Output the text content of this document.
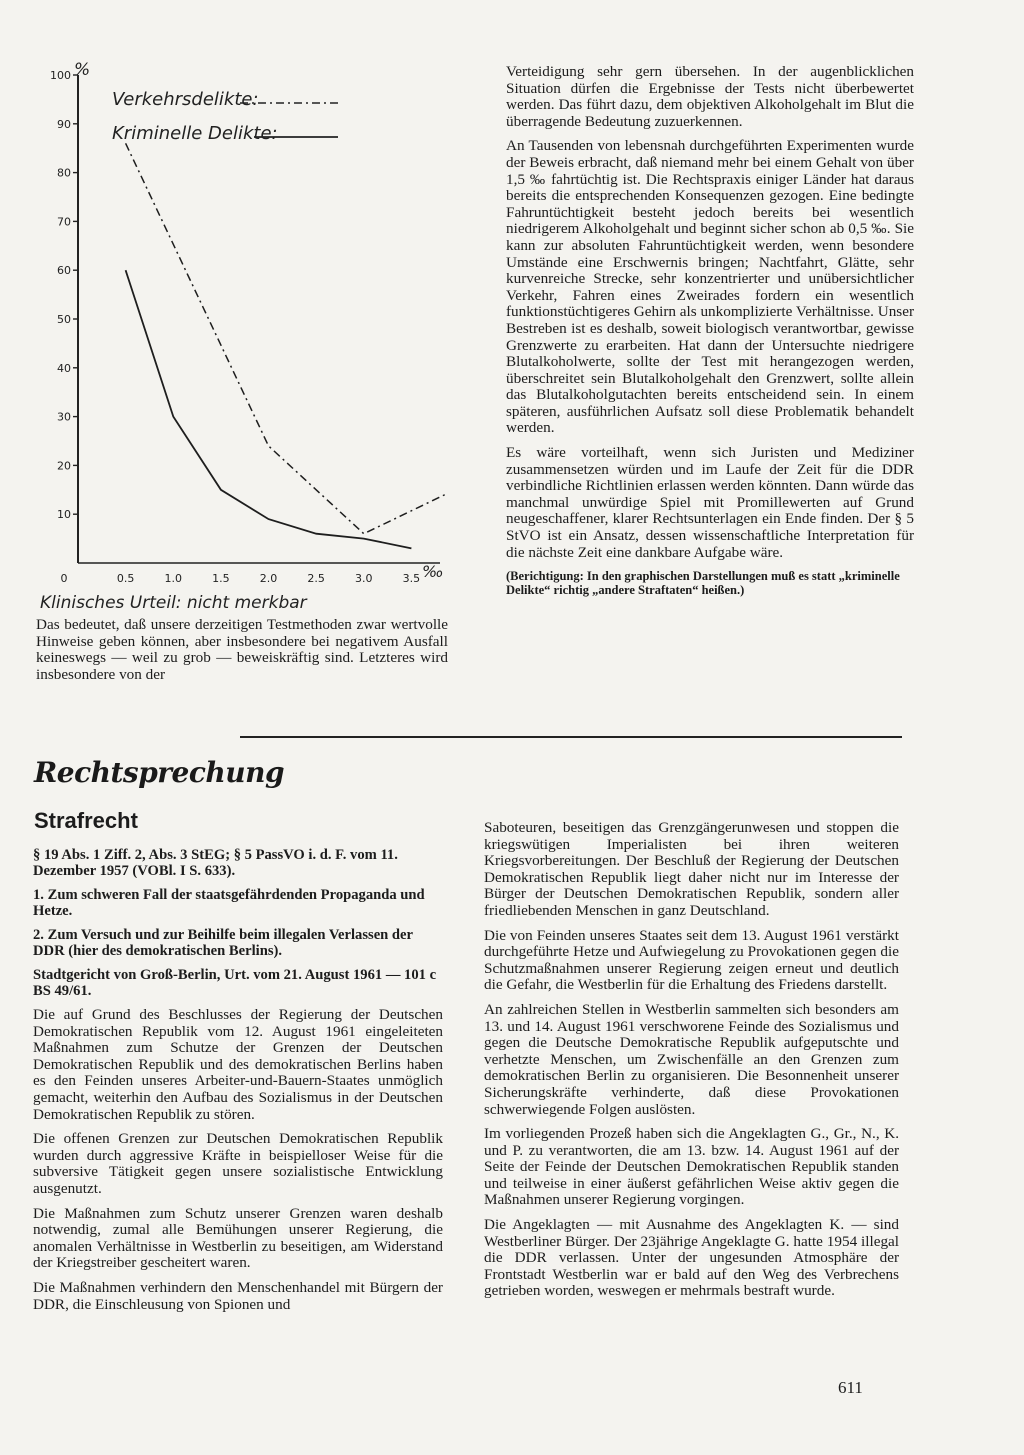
100
90
80
70
60
50
40
30
20
10
0	0.5	1.0	1.5	2.0	2.5	3.0	3.5
%
‰
Verkehrsdelikte:
Kriminelle Delikte:
Klinisches Urteil: nicht merkbar

Das bedeutet, daß unsere derzeitigen Testmethoden zwar wertvolle Hinweise geben können, aber insbesondere bei negativem Ausfall keineswegs — weil zu grob — beweiskräftig sind. Letzteres wird insbesondere von der

Verteidigung sehr gern übersehen. In der augenblicklichen Situation dürfen die Ergebnisse der Tests nicht überbewertet werden. Das führt dazu, dem objektiven Alkoholgehalt im Blut die überragende Bedeutung zuzuerkennen.

An Tausenden von lebensnah durchgeführten Experimenten wurde der Beweis erbracht, daß niemand mehr bei einem Gehalt von über 1,5 ‰ fahrtüchtig ist. Die Rechtspraxis einiger Länder hat daraus bereits die entsprechenden Konsequenzen gezogen. Eine bedingte Fahruntüchtigkeit besteht jedoch bereits bei wesentlich niedrigerem Alkoholgehalt und beginnt sicher schon ab 0,5 ‰. Sie kann zur absoluten Fahruntüchtigkeit werden, wenn besondere Umstände eine Erschwernis bringen; Nachtfahrt, Glätte, sehr kurvenreiche Strecke, sehr konzentrierter und unübersichtlicher Verkehr, Fahren eines Zweirades fordern ein wesentlich funktionstüchtigeres Gehirn als unkomplizierte Verhältnisse. Unser Bestreben ist es deshalb, soweit biologisch verantwortbar, gewisse Grenzwerte zu erarbeiten. Hat dann der Untersuchte niedrigere Blutalkoholwerte, sollte der Test mit herangezogen werden, überschreitet sein Blutalkoholgehalt den Grenzwert, sollte allein das Blutalkoholgutachten bereits entscheidend sein. In einem späteren, ausführlichen Aufsatz soll diese Problematik behandelt werden.

Es wäre vorteilhaft, wenn sich Juristen und Mediziner zusammensetzen würden und im Laufe der Zeit für die DDR verbindliche Richtlinien erlassen werden könnten. Dann würde das manchmal unwürdige Spiel mit Promillewerten auf Grund neugeschaffener, klarer Rechtsunterlagen ein Ende finden. Der § 5 StVO ist ein Ansatz, dessen wissenschaftliche Interpretation für die nächste Zeit eine dankbare Aufgabe wäre.

(Berichtigung: In den graphischen Darstellungen muß es statt „kriminelle Delikte“ richtig „andere Straftaten“ heißen.)

Rechtsprechung
Strafrecht

§ 19 Abs. 1 Ziff. 2, Abs. 3 StEG; § 5 PassVO i. d. F. vom 11. Dezember 1957 (VOBl. I S. 633).

1. Zum schweren Fall der staatsgefährdenden Propaganda und Hetze.

2. Zum Versuch und zur Beihilfe beim illegalen Verlassen der DDR (hier des demokratischen Berlins).

Stadtgericht von Groß-Berlin, Urt. vom 21. August 1961 — 101 c BS 49/61.

Die auf Grund des Beschlusses der Regierung der Deutschen Demokratischen Republik vom 12. August 1961 eingeleiteten Maßnahmen zum Schutze der Grenzen der Deutschen Demokratischen Republik und des demokratischen Berlins haben es den Feinden unseres Arbeiter-und-Bauern-Staates unmöglich gemacht, weiterhin den Aufbau des Sozialismus in der Deutschen Demokratischen Republik zu stören.

Die offenen Grenzen zur Deutschen Demokratischen Republik wurden durch aggressive Kräfte in beispielloser Weise für die subversive Tätigkeit gegen unsere sozialistische Entwicklung ausgenutzt.

Die Maßnahmen zum Schutz unserer Grenzen waren deshalb notwendig, zumal alle Bemühungen unserer Regierung, die anomalen Verhältnisse in Westberlin zu beseitigen, am Widerstand der Kriegstreiber gescheitert waren.

Die Maßnahmen verhindern den Menschenhandel mit Bürgern der DDR, die Einschleusung von Spionen und

Saboteuren, beseitigen das Grenzgängerunwesen und stoppen die kriegswütigen Imperialisten bei ihren weiteren Kriegsvorbereitungen. Der Beschluß der Regierung der Deutschen Demokratischen Republik liegt daher nicht nur im Interesse der Bürger der Deutschen Demokratischen Republik, sondern aller friedliebenden Menschen in ganz Deutschland.

Die von Feinden unseres Staates seit dem 13. August 1961 verstärkt durchgeführte Hetze und Aufwiegelung zu Provokationen gegen die Schutzmaßnahmen unserer Regierung zeigen erneut und deutlich die Gefahr, die Westberlin für die Erhaltung des Friedens darstellt.

An zahlreichen Stellen in Westberlin sammelten sich besonders am 13. und 14. August 1961 verschworene Feinde des Sozialismus und gegen die Deutsche Demokratische Republik aufgeputschte und verhetzte Menschen, um Zwischenfälle an den Grenzen zum demokratischen Berlin zu organisieren. Die Besonnenheit unserer Sicherungskräfte verhinderte, daß diese Provokationen schwerwiegende Folgen auslösten.

Im vorliegenden Prozeß haben sich die Angeklagten G., Gr., N., K. und P. zu verantworten, die am 13. bzw. 14. August 1961 auf der Seite der Feinde der Deutschen Demokratischen Republik standen und teilweise in einer äußerst gefährlichen Weise aktiv gegen die Maßnahmen unserer Regierung vorgingen.

Die Angeklagten — mit Ausnahme des Angeklagten K. — sind Westberliner Bürger. Der 23jährige Angeklagte G. hatte 1954 illegal die DDR verlassen. Unter der ungesunden Atmosphäre der Frontstadt Westberlin war er bald auf den Weg des Verbrechens getrieben worden, weswegen er mehrmals bestraft wurde.

611
